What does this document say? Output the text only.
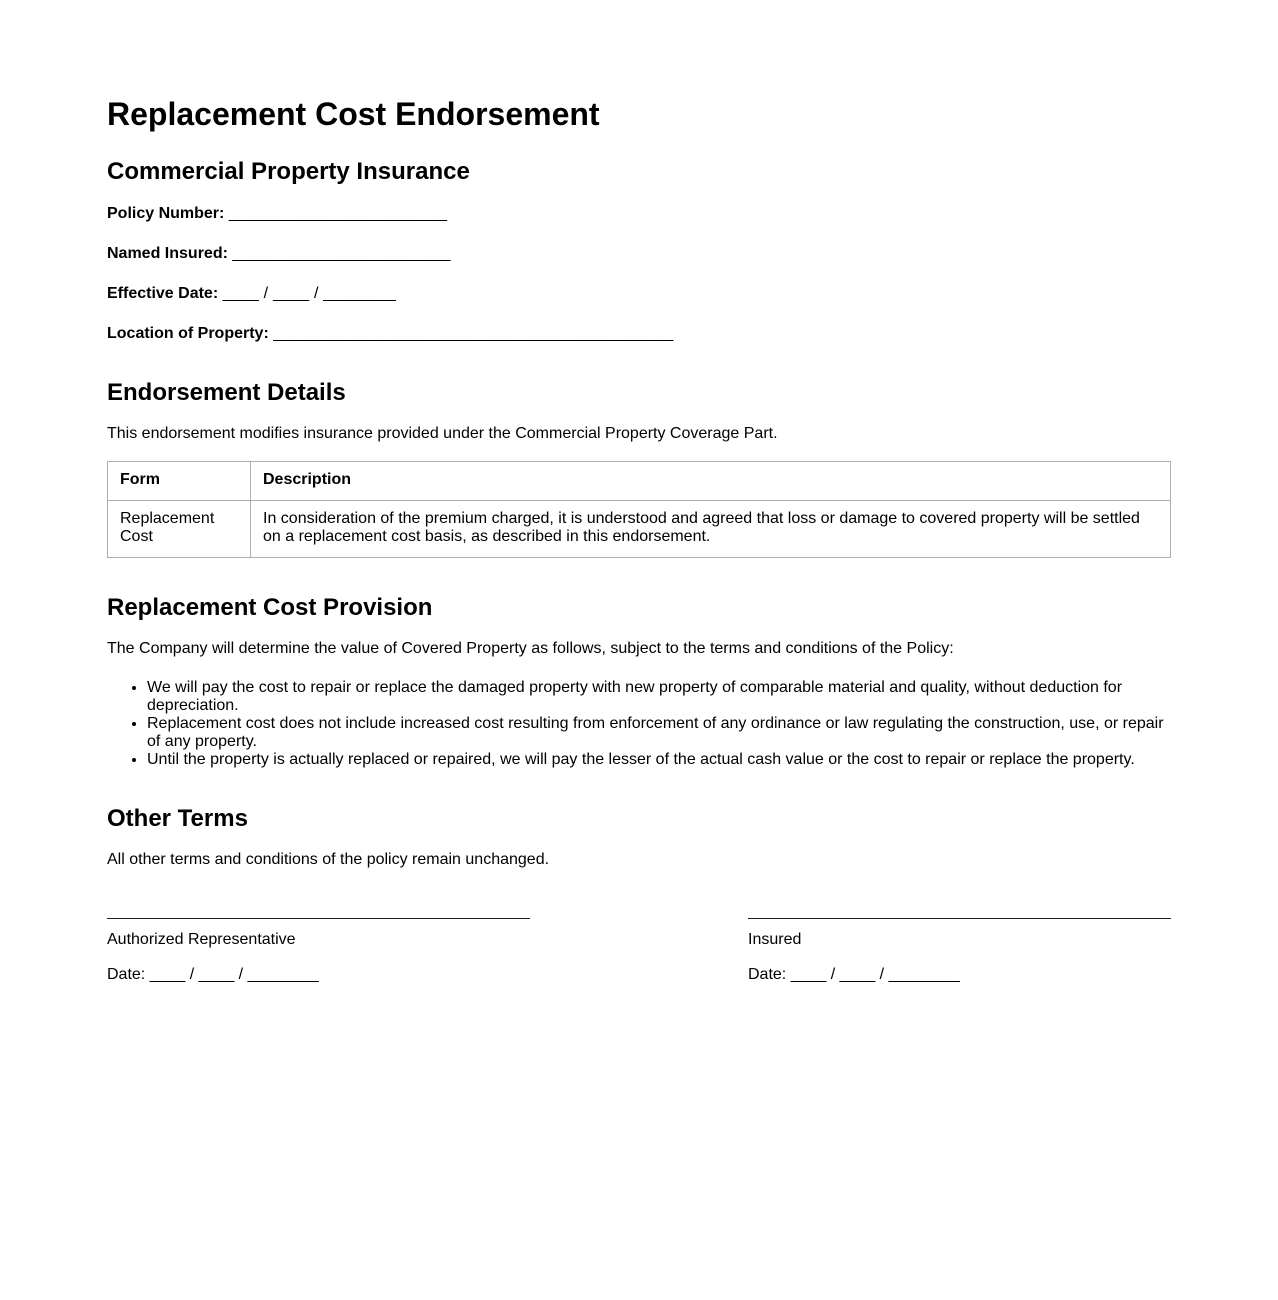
Replacement Cost Endorsement
Commercial Property Insurance

Policy Number: ________________________

Named Insured: ________________________

Effective Date: ____ / ____ / ________

Location of Property: ____________________________________________

Endorsement Details

This endorsement modifies insurance provided under the Commercial Property Coverage Part.

Form	Description
Replacement Cost	In consideration of the premium charged, it is understood and agreed that loss or damage to covered property will be settled on a replacement cost basis, as described in this endorsement.
Replacement Cost Provision

The Company will determine the value of Covered Property as follows, subject to the terms and conditions of the Policy:

• We will pay the cost to repair or replace the damaged property with new property of comparable material and quality, without deduction for depreciation.
• Replacement cost does not include increased cost resulting from enforcement of any ordinance or law regulating the construction, use, or repair of any property.
• Until the property is actually replaced or repaired, we will pay the lesser of the actual cash value or the cost to repair or replace the property.
Other Terms

All other terms and conditions of the policy remain unchanged.

Authorized Representative

Date: ____ / ____ / ________

Insured

Date: ____ / ____ / ________
